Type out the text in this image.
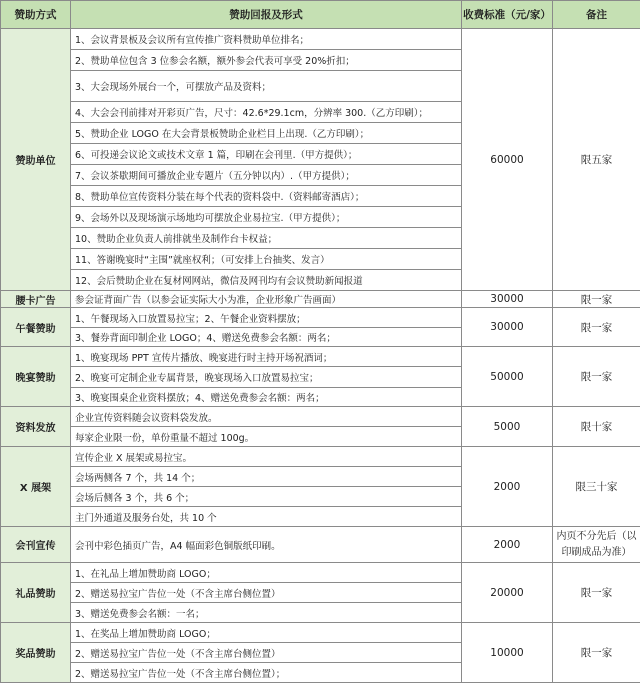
赞助方式	赞助回报及形式	收费标准（元/家）	备注
赞助单位	1、会议背景板及会议所有宣传推广资料赞助单位排名；	60000	限五家
	2、赞助单位包含 3 位参会名额，额外参会代表可享受 20%折扣；		
	3、大会现场外展台一个，可摆放产品及资料；		
	4、大会会刊前排对开彩页广告，尺寸：42.6*29.1cm，分辨率 300.（乙方印刷）；		
	5、赞助企业 LOGO 在大会背景板赞助企业栏目上出现.（乙方印刷）；		
	6、可投递会议论文或技术文章 1 篇，印刷在会刊里.（甲方提供）；		
	7、会议茶歇期间可播放企业专题片（五分钟以内）.（甲方提供）；		
	8、赞助单位宣传资料分装在每个代表的资料袋中.（资料邮寄酒店）；		
	9、会场外以及现场演示场地均可摆放企业易拉宝.（甲方提供）；		
	10、赞助企业负责人前排就坐及制作台卡权益；		
	11、答谢晚宴时“主围”就座权利；（可安排上台抽奖、发言）		
	12、会后赞助企业在复材网网站，微信及网刊均有会议赞助新闻报道		
腰卡广告	参会证背面广告（以参会证实际大小为准，企业形象广告画面）	30000	限一家
午餐赞助	1、午餐现场入口放置易拉宝；2、午餐企业资料摆放；	30000	限一家
	3、餐券背面印制企业 LOGO；4、赠送免费参会名额：两名；		
晚宴赞助	1、晚宴现场 PPT 宣传片播放、晚宴进行时主持开场祝酒词；	50000	限一家
	2、晚宴可定制企业专属背景，晚宴现场入口放置易拉宝；		
	3、晚宴围桌企业资料摆放；4、赠送免费参会名额：两名；		
资料发放	企业宣传资料随会议资料袋发放。	5000	限十家
	每家企业限一份，单份重量不超过 100g。		
X 展架	宣传企业 X 展架或易拉宝。	2000	限三十家
	会场两侧各 7 个，共 14 个；		
	会场后侧各 3 个，共 6 个；		
	主门外通道及服务台处，共 10 个		
会刊宣传	会刊中彩色插页广告，A4 幅面彩色铜版纸印刷。	2000	内页不分先后（以印刷成品为准）
礼品赞助	1、在礼品上增加赞助商 LOGO；	20000	限一家
	2、赠送易拉宝广告位一处（不含主席台侧位置）		
	3、赠送免费参会名额：一名；		
奖品赞助	1、在奖品上增加赞助商 LOGO；	10000	限一家
	2、赠送易拉宝广告位一处（不含主席台侧位置）		
	2、赠送易拉宝广告位一处（不含主席台侧位置）；		
